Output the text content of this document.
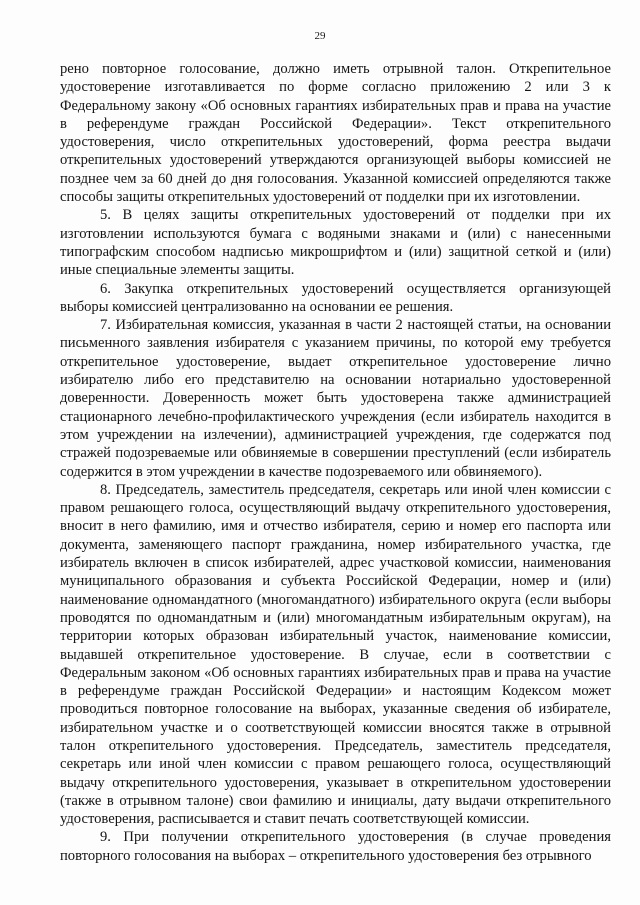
29

рено повторное голосование, должно иметь отрывной талон. Открепительное удостоверение изготавливается по форме согласно приложению 2 или 3 к Федеральному закону «Об основных гарантиях избирательных прав и права на участие в референдуме граждан Российской Федерации». Текст открепительного удостоверения, число открепительных удостоверений, форма реестра выдачи открепительных удостоверений утверждаются организующей выборы комиссией не позднее чем за 60 дней до дня голосования. Указанной комиссией определяются также способы защиты открепительных удостоверений от подделки при их изготовлении.

5. В целях защиты открепительных удостоверений от подделки при их изготовлении используются бумага с водяными знаками и (или) с нанесенными типографским способом надписью микрошрифтом и (или) защитной сеткой и (или) иные специальные элементы защиты.

6. Закупка открепительных удостоверений осуществляется организующей выборы комиссией централизованно на основании ее решения.

7. Избирательная комиссия, указанная в части 2 настоящей статьи, на основании письменного заявления избирателя с указанием причины, по которой ему требуется открепительное удостоверение, выдает открепительное удостоверение лично избирателю либо его представителю на основании нотариально удостоверенной доверенности. Доверенность может быть удостоверена также администрацией стационарного лечебно-профилактического учреждения (если избиратель находится в этом учреждении на излечении), администрацией учреждения, где содержатся под стражей подозреваемые или обвиняемые в совершении преступлений (если избиратель содержится в этом учреждении в качестве подозреваемого или обвиняемого).

8. Председатель, заместитель председателя, секретарь или иной член комиссии с правом решающего голоса, осуществляющий выдачу открепительного удостоверения, вносит в него фамилию, имя и отчество избирателя, серию и номер его паспорта или документа, заменяющего паспорт гражданина, номер избирательного участка, где избиратель включен в список избирателей, адрес участковой комиссии, наименования муниципального образования и субъекта Российской Федерации, номер и (или) наименование одномандатного (многомандатного) избирательного округа (если выборы проводятся по одномандатным и (или) многомандатным избирательным округам), на территории которых образован избирательный участок, наименование комиссии, выдавшей открепительное удостоверение. В случае, если в соответствии с Федеральным законом «Об основных гарантиях избирательных прав и права на участие в референдуме граждан Российской Федерации» и настоящим Кодексом может проводиться повторное голосование на выборах, указанные сведения об избирателе, избирательном участке и о соответствующей комиссии вносятся также в отрывной талон открепительного удостоверения. Председатель, заместитель председателя, секретарь или иной член комиссии с правом решающего голоса, осуществляющий выдачу открепительного удостоверения, указывает в открепительном удостоверении (также в отрывном талоне) свои фамилию и инициалы, дату выдачи открепительного удостоверения, расписывается и ставит печать соответствующей комиссии.

9. При получении открепительного удостоверения (в случае проведения повторного голосования на выборах – открепительного удостоверения без отрывного
